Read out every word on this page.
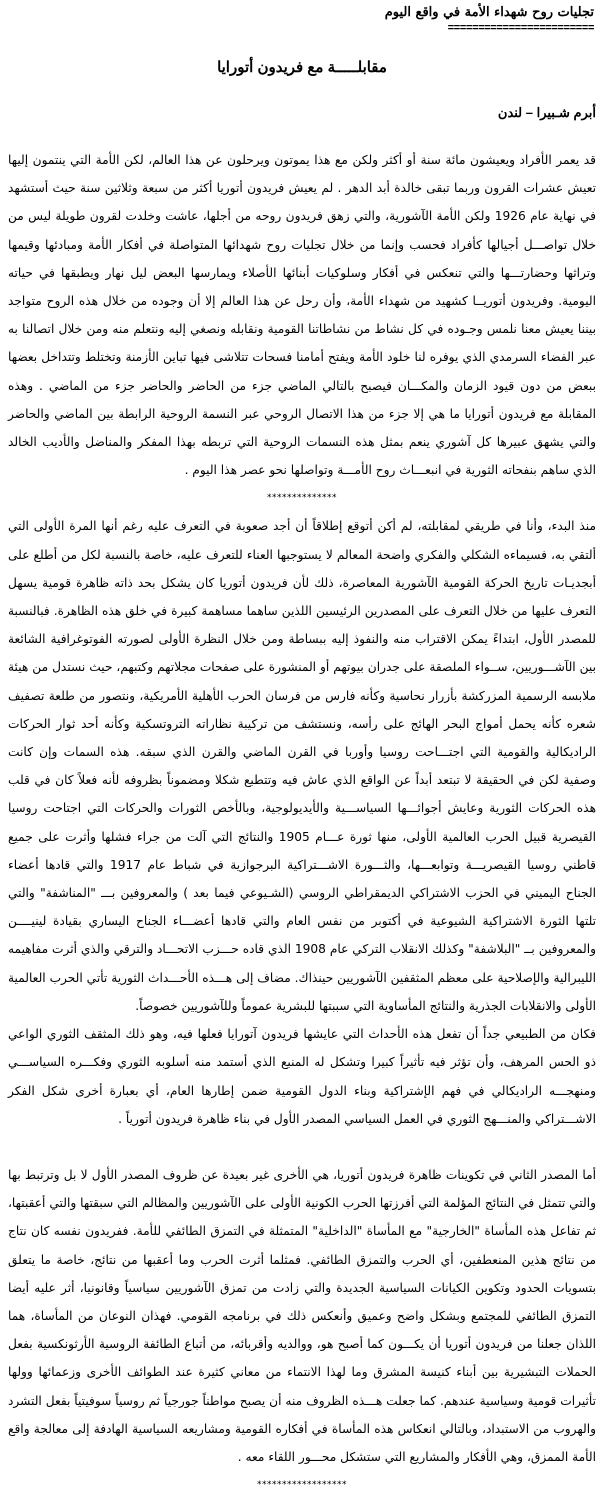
تجليات روح شهداء الأمة في واقع اليوم
========================
مقابلـــــة مع فريدون أتورايا
أبرم شـبيرا – لندن

قد يعمر الأفراد ويعيشون مائة سنة أو أكثر ولكن مع هذا يموتون ويرحلون عن هذا العالم، لكن الأمة التي ينتمون إليها تعيش عشرات القرون وربما تبقى خالدة أبد الدهر . لم يعيش فريدون أتوريا أكثر من سبعة وثلاثين سنة حيث أستشهد في نهاية عام 1926 ولكن الأمة الآشورية، والتي زهق فريدون روحه من أجلها، عاشت وخلدت لقرون طويلة ليس من خلال تواصـــل أجيالها كأفراد فحسب وإنما من خلال تجليات روح شهدائها المتواصلة في أفكار الأمة ومبادئها وقيمها وتراثها وحضارتـــها والتي تنعكس في أفكار وسلوكيات أبنائها الأصلاء ويمارسها البعض ليل نهار ويطبقها في حياته اليومية. وفريدون أتوريــا كشهيد من شهداء الأمة، وأن رحل عن هذا العالم إلا أن وجوده من خلال هذه الروح متواجد بيننا يعيش معنا نلمس وجـوده في كل نشاط من نشاطاتنا القومية ونقابله ونصغي إليه ونتعلم منه ومن خلال اتصالنا به عبر الفضاء السرمدي الذي يوفره لنا خلود الأمة ويفتح أمامنا فسحات تتلاشى فيها تباين الأزمنة وتختلط وتتداخل بعضها ببعض من دون قيود الزمان والمكـــان فيصبح بالتالي الماضي جزء من الحاضر والحاضر جزء من الماضي . وهذه المقابلة مع فريدون أتورايا ما هي إلا جزء من هذا الاتصال الروحي عبر النسمة الروحية الرابطة بين الماضي والحاضر والتي يشهق عبيرها كل آشوري ينعم بمثل هذه النسمات الروحية التي تربطه بهذا المفكر والمناضل والأديب الخالد الذي ساهم بنفحاته الثورية في انبعـــاث روح الأمـــة وتواصلها نحو عصر هذا اليوم .

**************

منذ البدء، وأنا في طريقي لمقابلته، لم أكن أتوقع إطلاقاً أن أجد صعوبة في التعرف عليه رغم أنها المرة الأولى التي ألتقي به، فسيماءه الشكلي والفكري واضحة المعالم لا يستوجبها العناء للتعرف عليه، خاصة بالنسبة لكل من أطلع على أبجديـات تاريخ الحركة القومية الآشورية المعاصرة، ذلك لأن فريدون أتوريا كان يشكل بحد ذاته ظاهرة قومية يسهل التعرف عليها من خلال التعرف على المصدرين الرئيسين اللذين ساهما مساهمة كبيرة في خلق هذه الظاهرة. فبالنسبة للمصدر الأول، ابتداءً يمكن الاقتراب منه والنفوذ إليه ببساطة ومن خلال النظرة الأولى لصورته الفوتوغرافية الشائعة بين الآشـــوريين، ســواء الملصقة على جدران بيوتهم أو المنشورة على صفحات مجلاتهم وكتبهم، حيث نستدل من هيئة ملابسه الرسمية المزركشة بأزرار نحاسية وكأنه فارس من فرسان الحرب الأهلية الأمريكية، ونتصور من طلعة تصفيف شعره كأنه يحمل أمواج البحر الهائج على رأسه، ونستشف من تركيبة نظاراته التروتسكية وكأنه أحد ثوار الحركات الراديكالية والقومية التي اجتـــاحت روسيا وأوربا في القرن الماضي والقرن الذي سبقه. هذه السمات وإن كانت وصفية لكن في الحقيقة لا تبتعد أبداً عن الواقع الذي عاش فيه وتتطبع شكلا ومضموناً بظروفه لأنه فعلاً كان في قلب هذه الحركات الثورية وعايش أجوائـــها السياســـية والأيديولوجية، وبالأخص الثورات والحركات التي اجتاحت روسيا القيصرية قبيل الحرب العالمية الأولى، منها ثورة عـــام 1905 والنتائج التي آلت من جراء فشلها وأثرت على جميع قاطني روسيا القيصريـــة وتوابعـــها، والثـــورة الاشـــتراكية البرجوازية في شباط عام 1917 والتي قادها أعضاء الجناح اليميني في الحزب الاشتراكي الديمقراطي الروسي (الشـيوعي فيما بعد ) والمعروفين بـــ "المناشفة" والتي تلتها الثورة الاشتراكية الشيوعية في أكتوبر من نفس العام والتي قادها أعضـــاء الجناح اليساري بقيادة لينيــــن والمعروفين بــ "البلاشفة" وكذلك الانقلاب التركي عام 1908 الذي قاده حـــزب الاتحـــاد والترقي والذي أثرت مفاهيمه الليبرالية والإصلاحية على معظم المثقفين الآشوريين حينذاك. مضاف إلى هـــذه الأحـــداث الثورية تأتي الحرب العالمية الأولى والانقلابات الجذرية والنتائج المأساوية التي سببتها للبشرية عموماً وللآشوريين خصوصاً.

فكان من الطبيعي جداً أن تفعل هذه الأحداث التي عايشها فريدون آتورايا فعلها فيه، وهو ذلك المثقف الثوري الواعي ذو الحس المرهف، وأن تؤثر فيه تأثيراً كبيرا وتشكل له المنبع الذي أستمد منه أسلوبه الثوري وفكـــره السياســـي ومنهجـــه الراديكالي في فهم الإشتراكية وبناء الدول القومية ضمن إطارها العام، أي بعبارة أخرى شكل الفكر الاشـــتراكي والمنـــهج الثوري في العمل السياسي المصدر الأول في بناء ظاهرة فريدون أتورياً .

أما المصدر الثاني في تكوينات ظاهرة فريدون أتوريا، هي الأخرى غير بعيدة عن ظروف المصدر الأول لا بل وترتبط بها والتي تتمثل في النتائج المؤلمة التي أفرزتها الحرب الكونية الأولى على الآشوريين والمظالم التي سبقتها والتي أعقبتها، ثم تفاعل هذه المأساة "الخارجية" مع المأساة "الداخلية" المتمثلة في التمزق الطائفي للأمة. ففريدون نفسه كان نتاج من نتائج هذين المنعطفين، أي الحرب والتمزق الطائفي. فمثلما أثرت الحرب وما أعقبها من نتائج، خاصة ما يتعلق بتسويات الحدود وتكوين الكيانات السياسية الجديدة والتي زادت من تمزق الآشوريين سياسياً وقانونيا، أثر عليه أيضا التمزق الطائفي للمجتمع وبشكل واضح وعميق وأنعكس ذلك في برنامجه القومي. فهذان النوعان من المأساة، هما اللذان جعلنا من فريدون أتوريا أن يكـــون كما أصبح هو، ووالديه وأقربائه، من أتباع الطائفة الروسية الأرثونكسية بفعل الحملات التبشيرية بين أبناء كنيسة المشرق وما لهذا الانتماء من معاني كثيرة عند الطوائف الأخرى وزعمائها وولها تأثيرات قومية وسياسية عندهم. كما جعلت هـــذه الظروف منه أن يصبح مواطناً جورجياً ثم روسياً سوفيتياً بفعل التشرد والهروب من الاستبداد، وبالتالي انعكاس هذه المأساة في أفكاره القومية ومشاريعه السياسية الهادفة إلى معالجة واقع الأمة الممزق، وهي الأفكار والمشاريع التي ستشكل محـــور اللقاء معه .

******************
